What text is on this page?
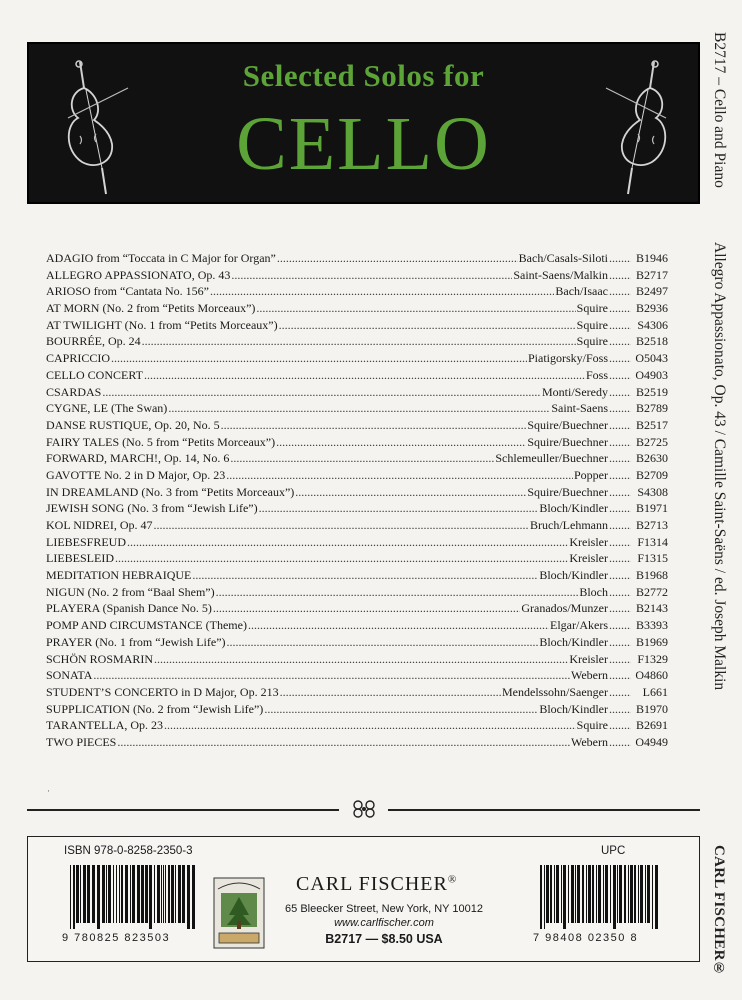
B2717 – Cello and Piano
Allegro Appassionato, Op. 43 / Camille Saint-Saëns / ed. Joseph Malkin
CARL FISCHER®
Selected Solos for
CELLO
ADAGIO from “Toccata in C Major for Organ” .....	Bach/Casals-Siloti .....	B1946
ALLEGRO APPASSIONATO, Op. 43 .....	Saint-Saens/Malkin .....	B2717
ARIOSO from “Cantata No. 156” .....	Bach/Isaac .....	B2497
AT MORN (No. 2 from “Petits Morceaux”) .....	Squire .....	B2936
AT TWILIGHT (No. 1 from “Petits Morceaux”) .....	Squire .....	S4306
BOURRÉE, Op. 24 .....	Squire .....	B2518
CAPRICCIO .....	Piatigorsky/Foss ..... O5043
CELLO CONCERT .....	Foss ..... O4903
CSARDAS .....	Monti/Seredy .....	B2519
CYGNE, LE (The Swan) .....	Saint-Saens .....	B2789
DANSE RUSTIQUE, Op. 20, No. 5 .....	Squire/Buechner .....	B2517
FAIRY TALES (No. 5 from “Petits Morceaux”) .....	Squire/Buechner .....	B2725
FORWARD, MARCH!, Op. 14, No. 6 .....	Schlemeuller/Buechner .....	B2630
GAVOTTE No. 2 in D Major, Op. 23 .....	Popper .....	B2709
IN DREAMLAND (No. 3 from “Petits Morceaux”) .....	Squire/Buechner .....	S4308
JEWISH SONG (No. 3 from “Jewish Life”) .....	Bloch/Kindler .....	B1971
KOL NIDREI, Op. 47 .....	Bruch/Lehmann .....	B2713
LIEBESFREUD .....	Kreisler .....	F1314
LIEBESLEID .....	Kreisler .....	F1315
MEDITATION HEBRAIQUE .....	Bloch/Kindler .....	B1968
NIGUN (No. 2 from “Baal Shem”) .....	Bloch .....	B2772
PLAYERA (Spanish Dance No. 5) .....	Granados/Munzer .....	B2143
POMP AND CIRCUMSTANCE (Theme) .....	Elgar/Akers .....	B3393
PRAYER (No. 1 from “Jewish Life”) .....	Bloch/Kindler .....	B1969
SCHÖN ROSMARIN .....	Kreisler .....	F1329
SONATA .....	Webern ..... O4860
STUDENT’S CONCERTO in D Major, Op. 213 .....	Mendelssohn/Saenger .....	L661
SUPPLICATION (No. 2 from “Jewish Life”) .....	Bloch/Kindler .....	B1970
TARANTELLA, Op. 23 .....	Squire .....	B2691
TWO PIECES .....	Webern ..... O4949
·
ISBN 978-0-8258-2350-3	UPC
9 780825 823503
CARL FISCHER®
65 Bleecker Street, New York, NY 10012
www.carlfischer.com
B2717 — $8.50 USA	7 98408 02350 8
